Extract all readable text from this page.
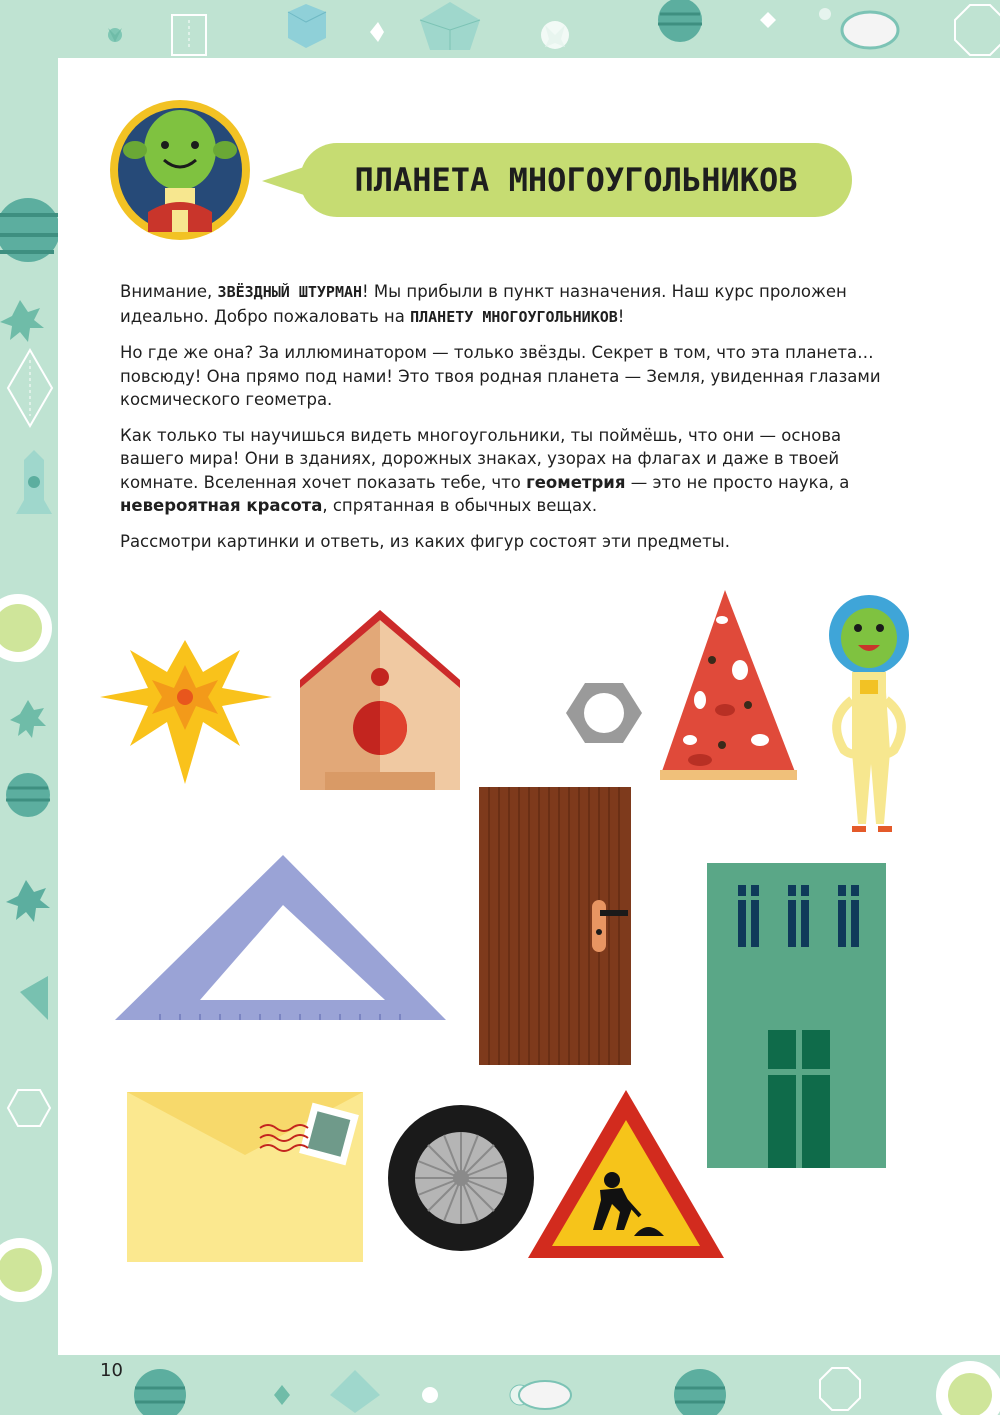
ПЛАНЕТА МНОГОУГОЛЬНИКОВ

Внимание, ЗВЁЗДНЫЙ ШТУРМАН! Мы прибыли в пункт назначения. Наш курс проложен идеально. Добро пожаловать на ПЛАНЕТУ МНОГОУГОЛЬНИКОВ!

Но где же она? За иллюминатором — только звёзды. Секрет в том, что эта планета… повсюду! Она прямо под нами! Это твоя родная планета — Земля, увиденная глазами космического геометра.

Как только ты научишься видеть многоугольники, ты поймёшь, что они — основа вашего мира! Они в зданиях, дорожных знаках, узорах на флагах и даже в твоей комнате. Вселенная хочет показать тебе, что геометрия — это не просто наука, а невероятная красота, спрятанная в обычных вещах.

Рассмотри картинки и ответь, из каких фигур состоят эти предметы.

10
